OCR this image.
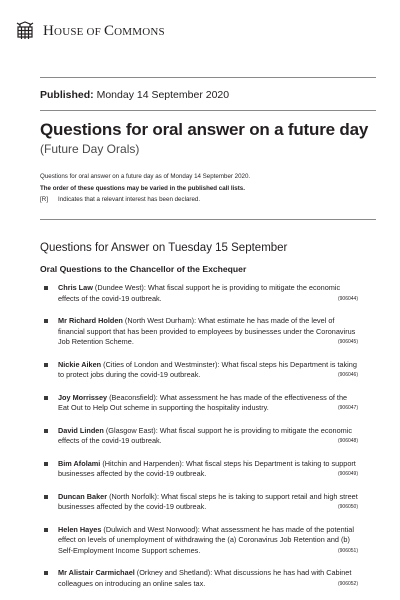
HOUSE OF COMMONS
Published: Monday 14 September 2020
Questions for oral answer on a future day
(Future Day Orals)
Questions for oral answer on a future day as of Monday 14 September 2020.
The order of these questions may be varied in the published call lists.
[R] Indicates that a relevant interest has been declared.
Questions for Answer on Tuesday 15 September
Oral Questions to the Chancellor of the Exchequer
Chris Law (Dundee West): What fiscal support he is providing to mitigate the economic effects of the covid-19 outbreak.	(906044)
Mr Richard Holden (North West Durham): What estimate he has made of the level of financial support that has been provided to employees by businesses under the Coronavirus Job Retention Scheme.	(906045)
Nickie Aiken (Cities of London and Westminster): What fiscal steps his Department is taking to protect jobs during the covid-19 outbreak.	(906046)
Joy Morrissey (Beaconsfield): What assessment he has made of the effectiveness of the Eat Out to Help Out scheme in supporting the hospitality industry.	(906047)
David Linden (Glasgow East): What fiscal support he is providing to mitigate the economic effects of the covid-19 outbreak.	(906048)
Bim Afolami (Hitchin and Harpenden): What fiscal steps his Department is taking to support businesses affected by the covid-19 outbreak.	(906049)
Duncan Baker (North Norfolk): What fiscal steps he is taking to support retail and high street businesses affected by the covid-19 outbreak.	(906050)
Helen Hayes (Dulwich and West Norwood): What assessment he has made of the potential effect on levels of unemployment of withdrawing the (a) Coronavirus Job Retention and (b) Self-Employment Income Support schemes.	(906051)
Mr Alistair Carmichael (Orkney and Shetland): What discussions he has had with Cabinet colleagues on introducing an online sales tax.	(906052)
